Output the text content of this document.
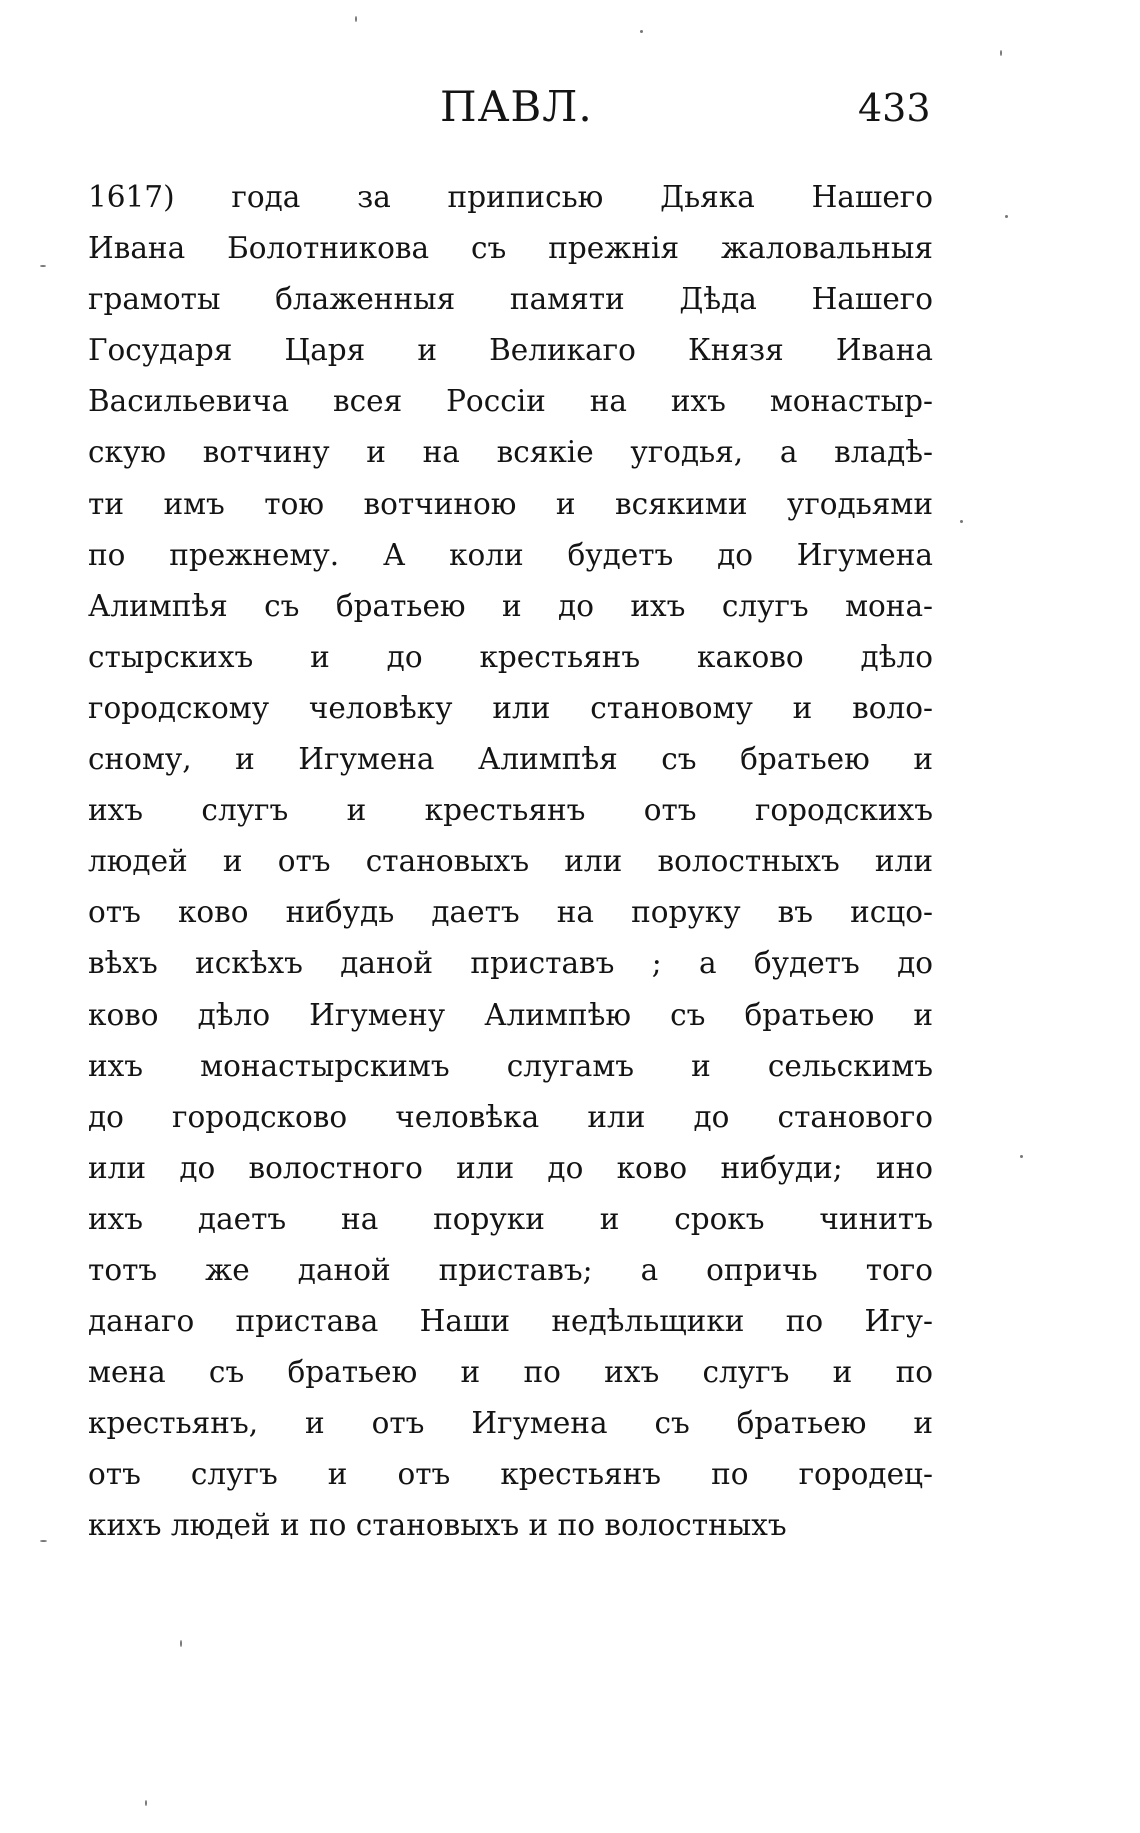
ПАВЛ.	433
1617) года за приписью Дьяка Нашего
Ивана Болотникова съ прежнія жаловальныя
грамоты блаженныя памяти Дѣда Нашего
Государя Царя и Великаго Князя Ивана
Васильевича всея Россіи на ихъ монастыр-
скую вотчину и на всякіе угодья, а владѣ-
ти имъ тою вотчиною и всякими угодьями
по прежнему. А коли будетъ до Игумена
Алимпѣя съ братьею и до ихъ слугъ мона-
стырскихъ и до крестьянъ каково дѣло
городскому человѣку или становому и воло-
сному, и Игумена Алимпѣя съ братьею и
ихъ слугъ и крестьянъ отъ городскихъ
людей и отъ становыхъ или волостныхъ или
отъ ково нибудь даетъ на поруку въ исцо-
вѣхъ искѣхъ даной приставъ ; а будетъ до
ково дѣло Игумену Алимпѣю съ братьею и
ихъ монастырскимъ слугамъ и сельскимъ
до городсково человѣка или до станового
или до волостного или до ково нибуди; ино
ихъ даетъ на поруки и срокъ чинитъ
тотъ же даной приставъ; а опричь того
данаго пристава Наши недѣльщики по Игу-
мена съ братьею и по ихъ слугъ и по
крестьянъ, и отъ Игумена съ братьею и
отъ слугъ и отъ крестьянъ по городец-
кихъ людей и по становыхъ и по волостныхъ
